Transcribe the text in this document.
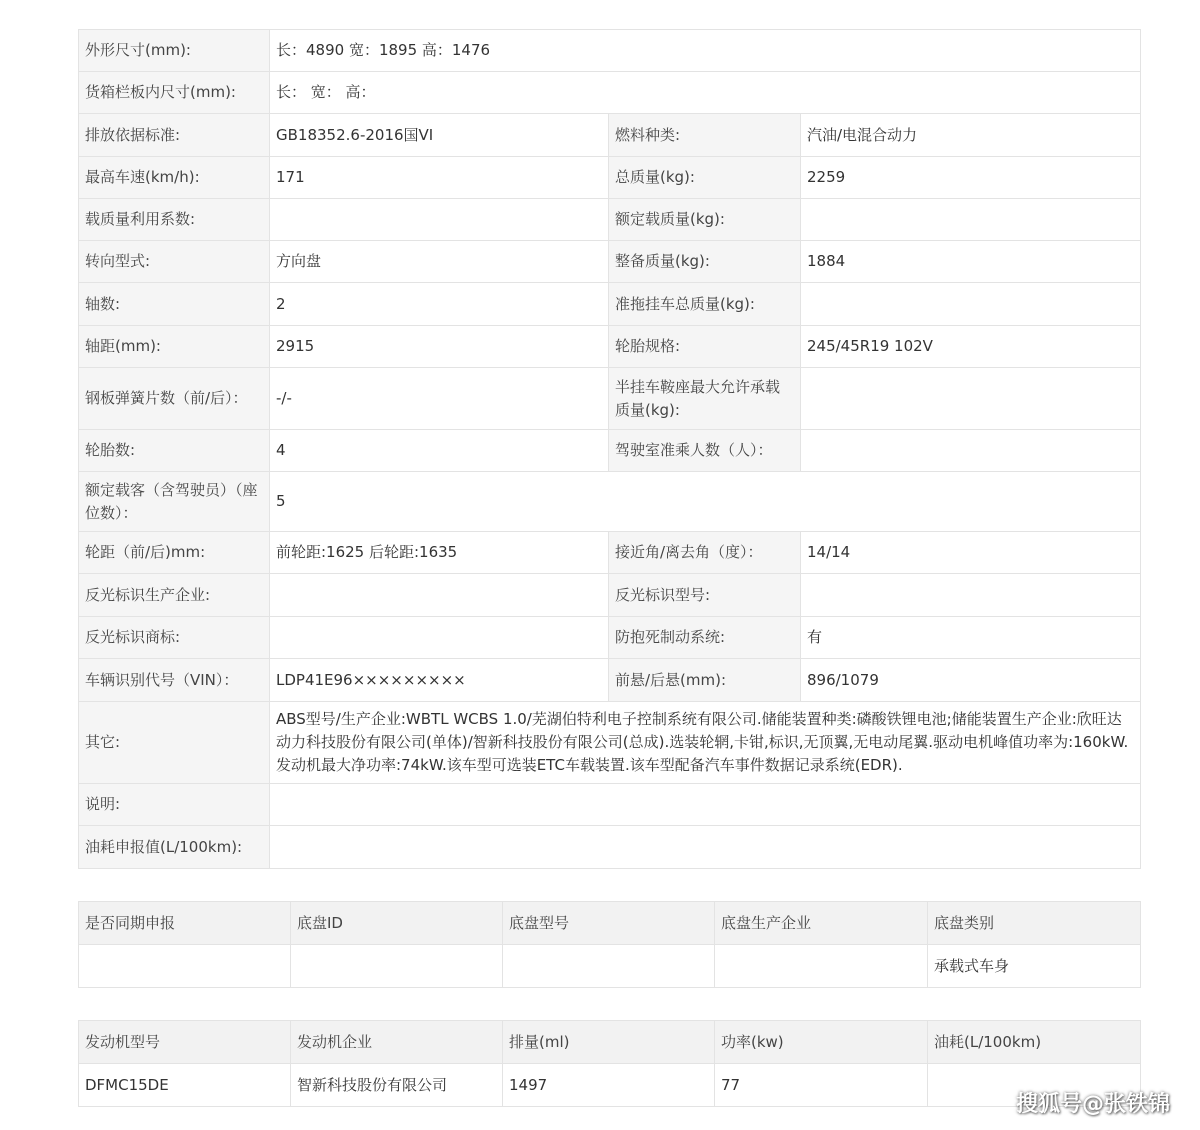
外形尺寸(mm):	长：4890 宽：1895 高：1476		
货箱栏板内尺寸(mm):	长： 宽： 高：		
排放依据标准:	GB18352.6-2016国VI	燃料种类:	汽油/电混合动力
最高车速(km/h):	171	总质量(kg):	2259
载质量利用系数:		额定载质量(kg):	
转向型式:	方向盘	整备质量(kg):	1884
轴数:	2	准拖挂车总质量(kg):	
轴距(mm):	2915	轮胎规格:	245/45R19 102V
钢板弹簧片数（前/后）：	-/-	半挂车鞍座最大允许承载质量(kg):	
轮胎数:	4	驾驶室准乘人数（人）：	
额定载客（含驾驶员）（座位数）：	5		
轮距（前/后)mm:	前轮距:1625 后轮距:1635	接近角/离去角（度）：	14/14
反光标识生产企业:		反光标识型号:	
反光标识商标:		防抱死制动系统:	有
车辆识别代号（VIN）：	LDP41E96×××××××××	前悬/后悬(mm):	896/1079
其它:	ABS型号/生产企业:WBTL WCBS 1.0/芜湖伯特利电子控制系统有限公司.储能装置种类:磷酸铁锂电池;储能装置生产企业:欣旺达动力科技股份有限公司(单体)/智新科技股份有限公司(总成).选装轮辋,卡钳,标识,无顶翼,无电动尾翼.驱动电机峰值功率为:160kW.发动机最大净功率:74kW.该车型可选装ETC车载装置.该车型配备汽车事件数据记录系统(EDR).		
说明:			
油耗申报值(L/100km):			
是否同期申报	底盘ID	底盘型号	底盘生产企业	底盘类别
				承载式车身
发动机型号	发动机企业	排量(ml)	功率(kw)	油耗(L/100km)
DFMC15DE	智新科技股份有限公司	1497	77	
搜狐号@张铁锦
